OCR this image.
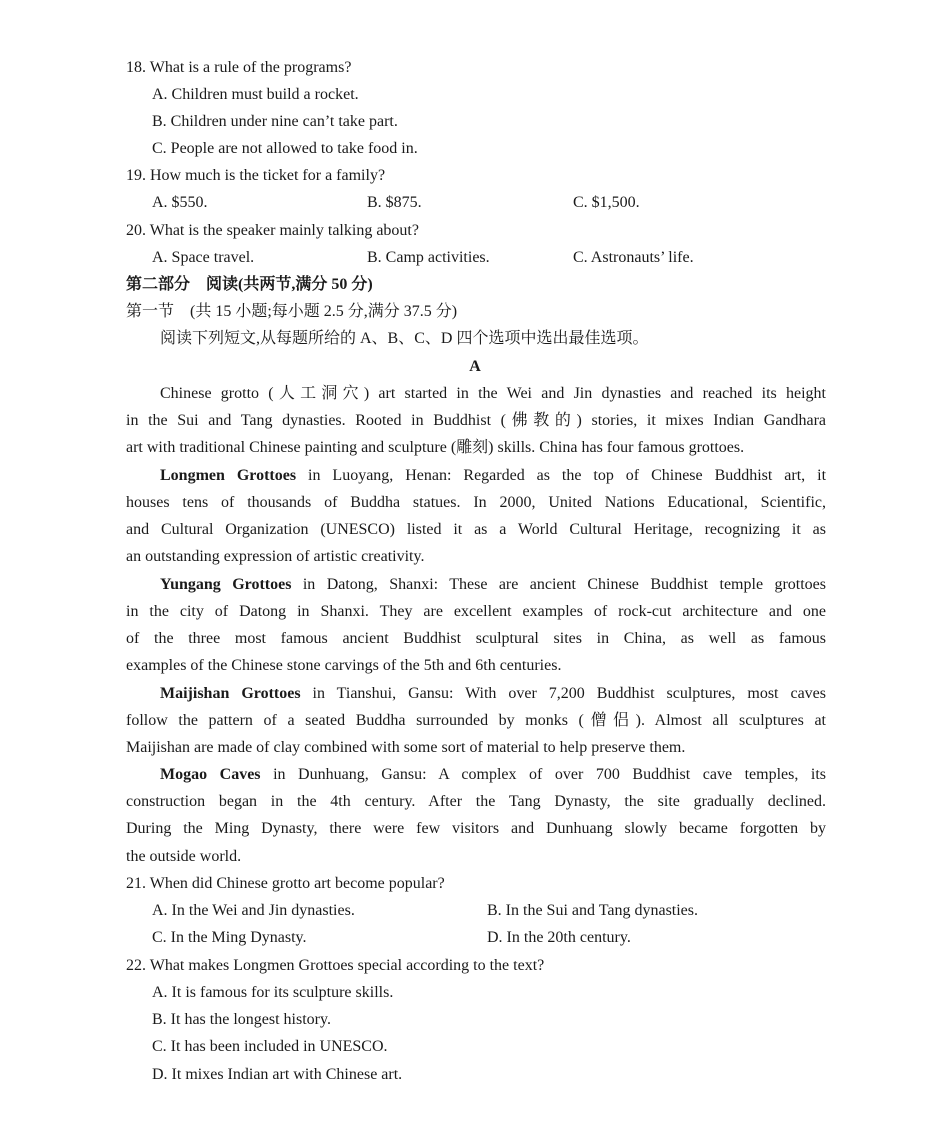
18. What is a rule of the programs?
A. Children must build a rocket.
B. Children under nine can’t take part.
C. People are not allowed to take food in.
19. How much is the ticket for a family?
A. $550.	B. $875.	C. $1,500.
20. What is the speaker mainly talking about?
A. Space travel.	B. Camp activities.	C. Astronauts’ life.
第二部分　阅读(共两节,满分 50 分)
第一节　(共 15 小题;每小题 2.5 分,满分 37.5 分)
阅读下列短文,从每题所给的 A、B、C、D 四个选项中选出最佳选项。
A
Chinese grotto (人工洞穴) art started in the Wei and Jin dynasties and reached its height
in the Sui and Tang dynasties. Rooted in Buddhist (佛教的) stories, it mixes Indian Gandhara
art with traditional Chinese painting and sculpture (雕刻) skills. China has four famous grottoes.
Longmen Grottoes in Luoyang, Henan: Regarded as the top of Chinese Buddhist art, it
houses tens of thousands of Buddha statues. In 2000, United Nations Educational, Scientific,
and Cultural Organization (UNESCO) listed it as a World Cultural Heritage, recognizing it as
an outstanding expression of artistic creativity.
Yungang Grottoes in Datong, Shanxi: These are ancient Chinese Buddhist temple grottoes
in the city of Datong in Shanxi. They are excellent examples of rock-cut architecture and one
of the three most famous ancient Buddhist sculptural sites in China, as well as famous
examples of the Chinese stone carvings of the 5th and 6th centuries.
Maijishan Grottoes in Tianshui, Gansu: With over 7,200 Buddhist sculptures, most caves
follow the pattern of a seated Buddha surrounded by monks (僧侣). Almost all sculptures at
Maijishan are made of clay combined with some sort of material to help preserve them.
Mogao Caves in Dunhuang, Gansu: A complex of over 700 Buddhist cave temples, its
construction began in the 4th century. After the Tang Dynasty, the site gradually declined.
During the Ming Dynasty, there were few visitors and Dunhuang slowly became forgotten by
the outside world.
21. When did Chinese grotto art become popular?
A. In the Wei and Jin dynasties.	B. In the Sui and Tang dynasties.
C. In the Ming Dynasty.	D. In the 20th century.
22. What makes Longmen Grottoes special according to the text?
A. It is famous for its sculpture skills.
B. It has the longest history.
C. It has been included in UNESCO.
D. It mixes Indian art with Chinese art.
